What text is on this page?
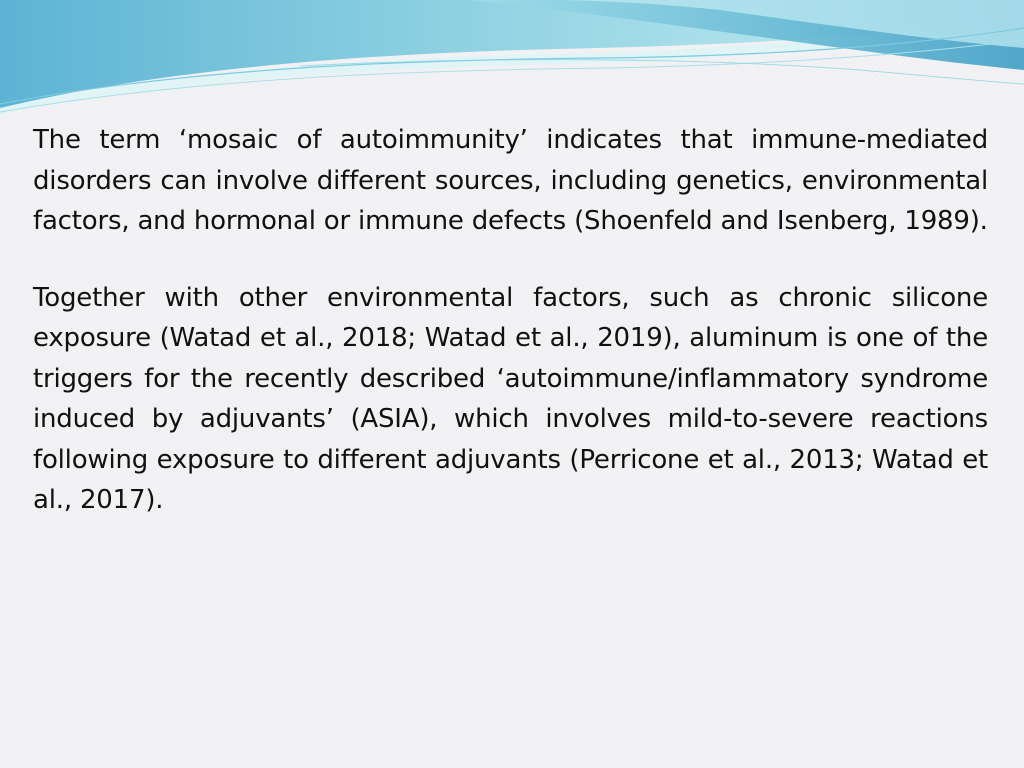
The term ‘mosaic of autoimmunity’ indicates that immune-mediated disorders can involve different sources, including genetics, environmental factors, and hormonal or immune defects (Shoenfeld and Isenberg, 1989).

Together with other environmental factors, such as chronic silicone exposure (Watad et al., 2018; Watad et al., 2019), aluminum is one of the triggers for the recently described ‘autoimmune/inflammatory syndrome induced by adjuvants’ (ASIA), which involves mild-to-severe reactions following exposure to different adjuvants (Perricone et al., 2013; Watad et al., 2017).
